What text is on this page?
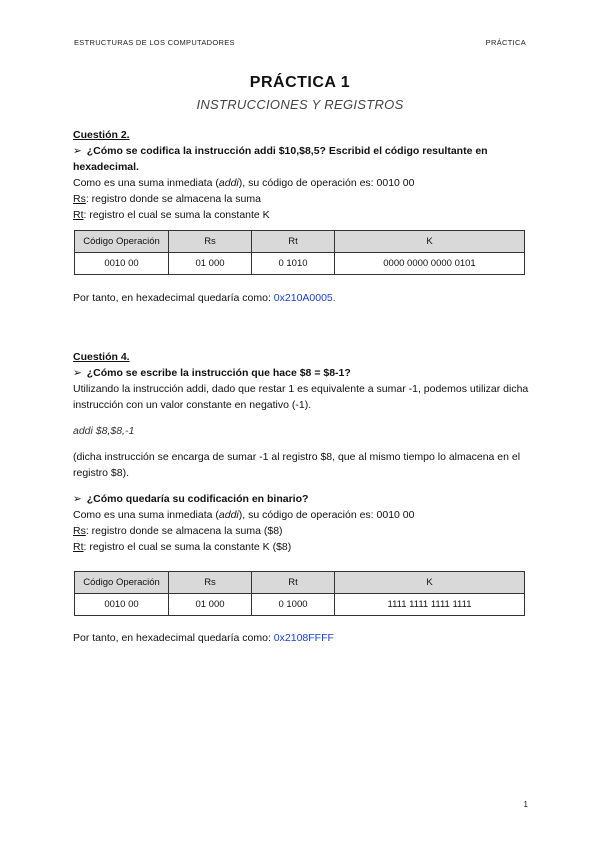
ESTRUCTURAS DE LOS COMPUTADORES	PRÁCTICA
PRÁCTICA 1
INSTRUCCIONES Y REGISTROS
Cuestión 2.
➢ ¿Cómo se codifica la instrucción addi $10,$8,5? Escribid el código resultante en hexadecimal.
Como es una suma inmediata (addi), su código de operación es: 0010 00
Rs: registro donde se almacena la suma
Rt: registro el cual se suma la constante K
Código Operación	Rs	Rt	K
0010 00	01 000	0 1010	0000 0000 0000 0101
Por tanto, en hexadecimal quedaría como: 0x210A0005.
Cuestión 4.
➢ ¿Cómo se escribe la instrucción que hace $8 = $8-1?
Utilizando la instrucción addi, dado que restar 1 es equivalente a sumar -1, podemos utilizar dicha instrucción con un valor constante en negativo (-1).
addi $8,$8,-1
(dicha instrucción se encarga de sumar -1 al registro $8, que al mismo tiempo lo almacena en el registro $8).
➢ ¿Cómo quedaría su codificación en binario?
Como es una suma inmediata (addi), su código de operación es: 0010 00
Rs: registro donde se almacena la suma ($8)
Rt: registro el cual se suma la constante K ($8)
Código Operación	Rs	Rt	K
0010 00	01 000	0 1000	1111 1111 1111 1111
Por tanto, en hexadecimal quedaría como: 0x2108FFFF
1
